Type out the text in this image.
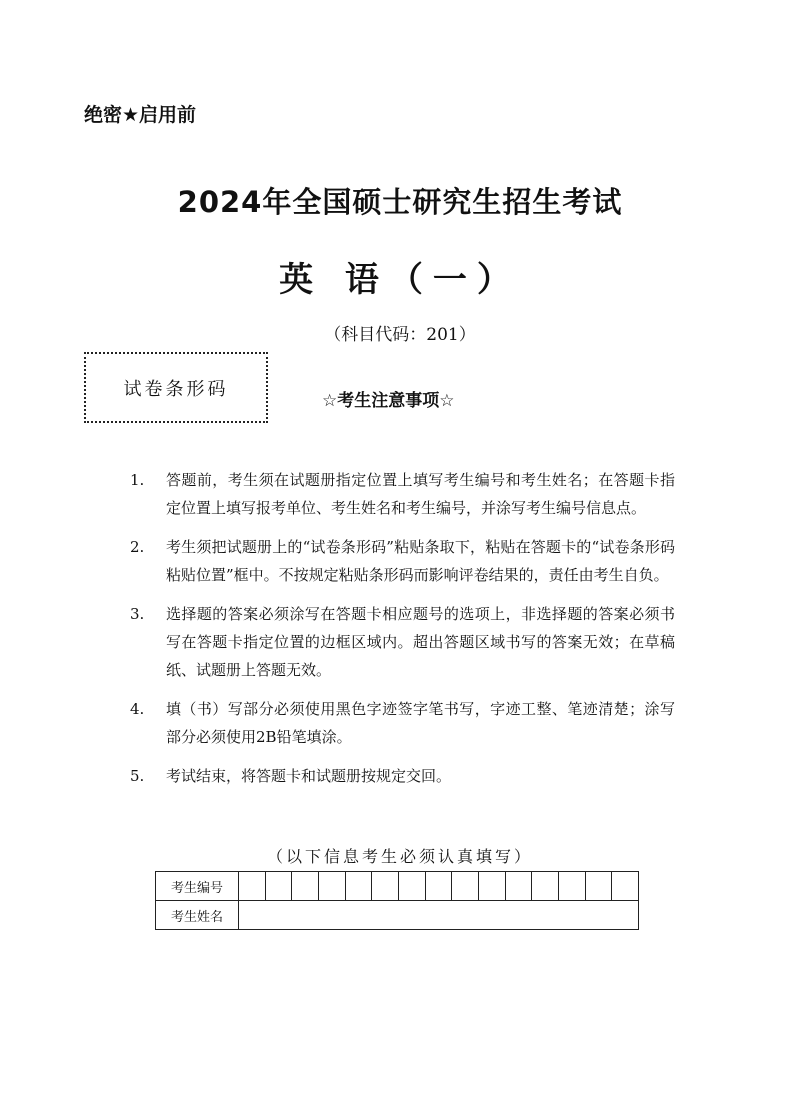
绝密★启用前
2024年全国硕士研究生招生考试
英 语（一）
（科目代码：201）
试卷条形码
☆考生注意事项☆
1.	答题前，考生须在试题册指定位置上填写考生编号和考生姓名；在答题卡指定位置上填写报考单位、考生姓名和考生编号，并涂写考生编号信息点。
2.	考生须把试题册上的“试卷条形码”粘贴条取下，粘贴在答题卡的“试卷条形码粘贴位置”框中。不按规定粘贴条形码而影响评卷结果的，责任由考生自负。
3.	选择题的答案必须涂写在答题卡相应题号的选项上，非选择题的答案必须书写在答题卡指定位置的边框区域内。超出答题区域书写的答案无效；在草稿纸、试题册上答题无效。
4.	填（书）写部分必须使用黑色字迹签字笔书写，字迹工整、笔迹清楚；涂写部分必须使用2B铅笔填涂。
5.	考试结束，将答题卡和试题册按规定交回。
（以下信息考生必须认真填写）
考生编号															
考生姓名															
